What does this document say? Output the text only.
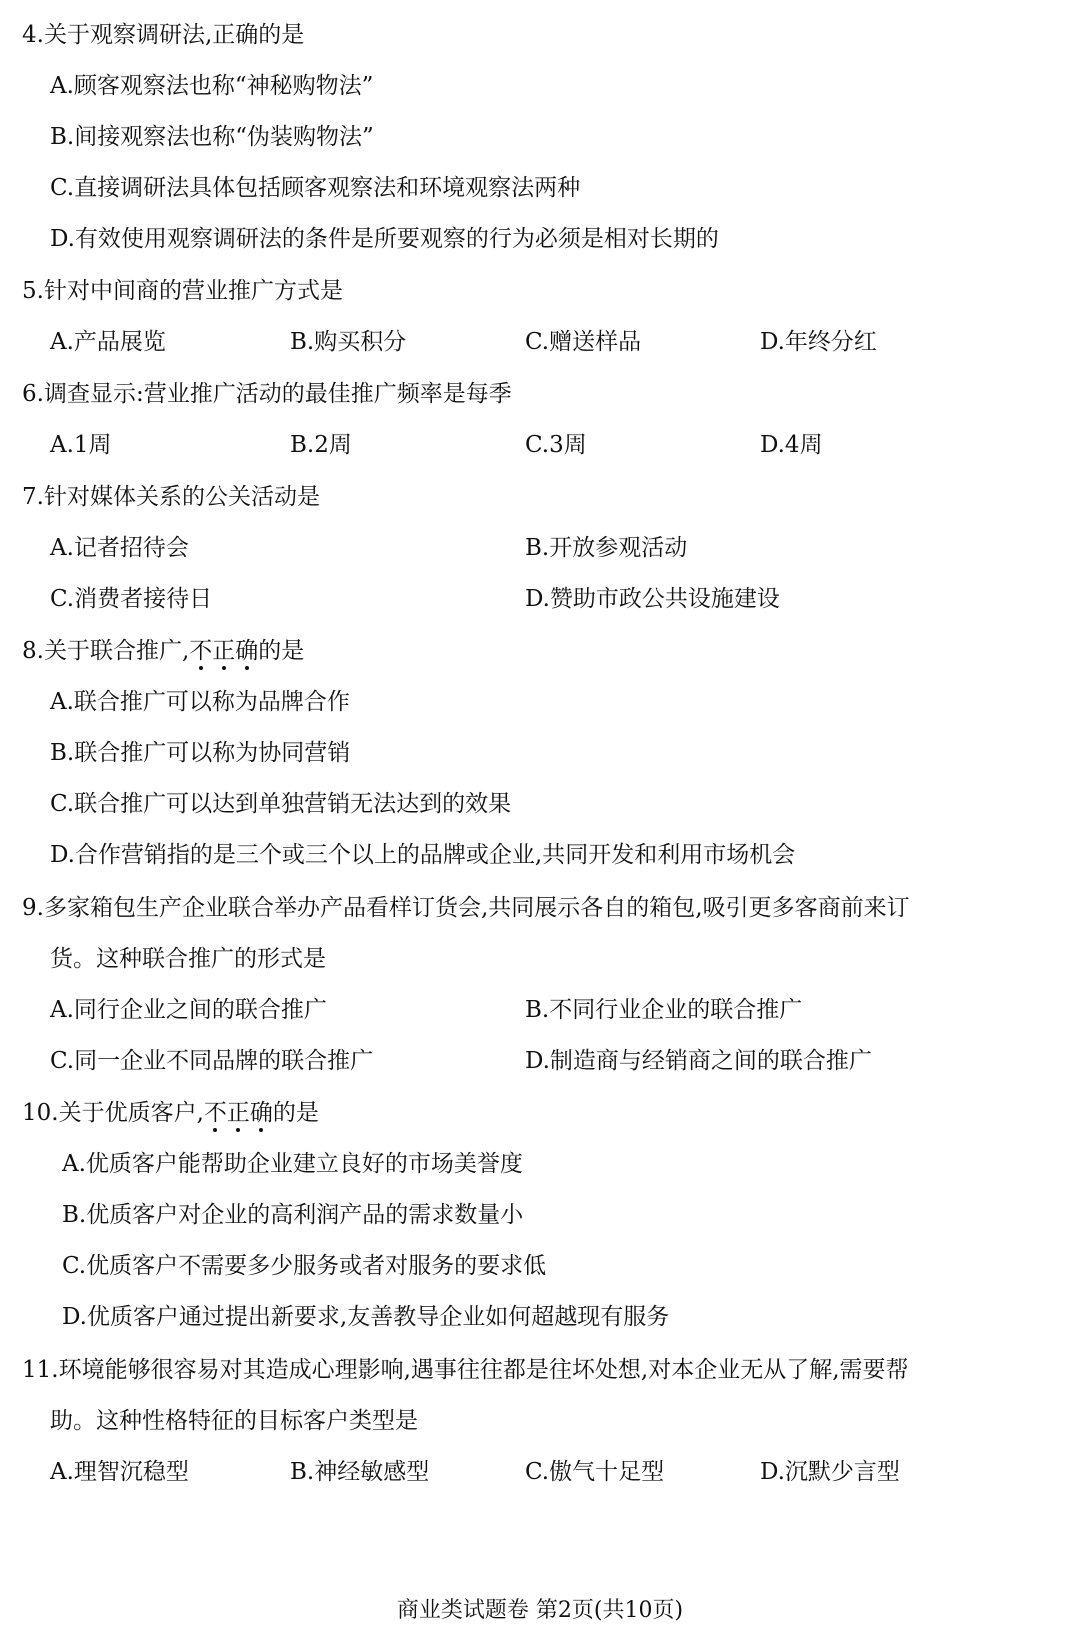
4.关于观察调研法,正确的是
A.顾客观察法也称“神秘购物法”
B.间接观察法也称“伪装购物法”
C.直接调研法具体包括顾客观察法和环境观察法两种
D.有效使用观察调研法的条件是所要观察的行为必须是相对长期的
5.针对中间商的营业推广方式是
A.产品展览	B.购买积分	C.赠送样品	D.年终分红
6.调查显示:营业推广活动的最佳推广频率是每季
A.1周	B.2周	C.3周	D.4周
7.针对媒体关系的公关活动是
A.记者招待会	B.开放参观活动
C.消费者接待日	D.赞助市政公共设施建设
8.关于联合推广,不正确的是
A.联合推广可以称为品牌合作
B.联合推广可以称为协同营销
C.联合推广可以达到单独营销无法达到的效果
D.合作营销指的是三个或三个以上的品牌或企业,共同开发和利用市场机会
9.多家箱包生产企业联合举办产品看样订货会,共同展示各自的箱包,吸引更多客商前来订
货。这种联合推广的形式是
A.同行企业之间的联合推广	B.不同行业企业的联合推广
C.同一企业不同品牌的联合推广	D.制造商与经销商之间的联合推广
10.关于优质客户,不正确的是
A.优质客户能帮助企业建立良好的市场美誉度
B.优质客户对企业的高利润产品的需求数量小
C.优质客户不需要多少服务或者对服务的要求低
D.优质客户通过提出新要求,友善教导企业如何超越现有服务
11.环境能够很容易对其造成心理影响,遇事往往都是往坏处想,对本企业无从了解,需要帮
助。这种性格特征的目标客户类型是
A.理智沉稳型	B.神经敏感型	C.傲气十足型	D.沉默少言型
商业类试题卷 第2页(共10页)
